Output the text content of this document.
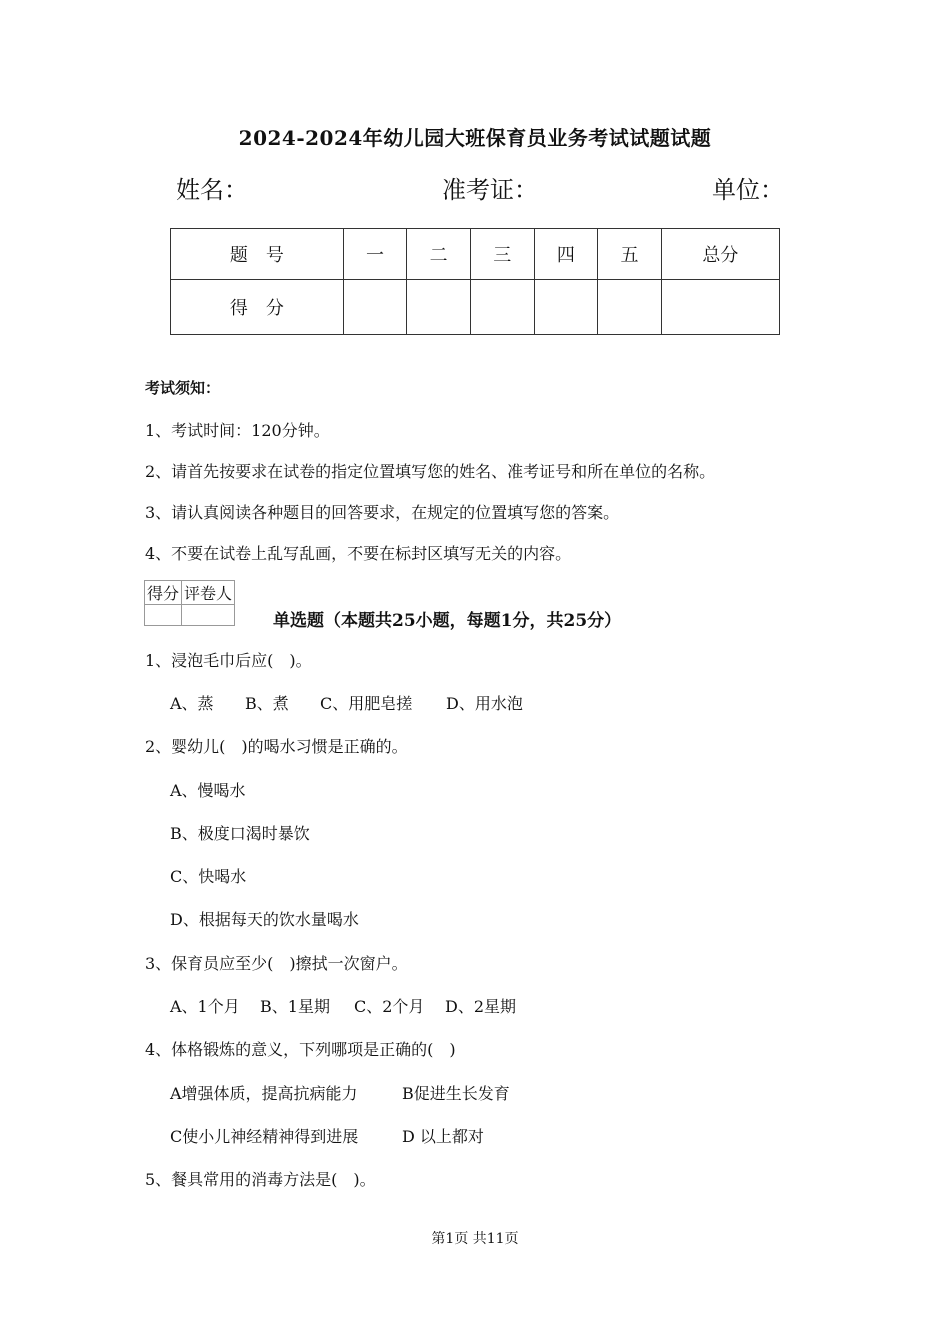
2024-2024年幼儿园大班保育员业务考试试题试题
姓名：	准考证：	单位：
题　号	一	二	三	四	五	总分
得　分						
考试须知：
1、考试时间：120分钟。
2、请首先按要求在试卷的指定位置填写您的姓名、准考证号和所在单位的名称。
3、请认真阅读各种题目的回答要求，在规定的位置填写您的答案。
4、不要在试卷上乱写乱画，不要在标封区填写无关的内容。
得分	评卷人

单选题（本题共25小题，每题1分，共25分）
1、浸泡毛巾后应(　)。
A、蒸 B、煮 C、用肥皂搓 D、用水泡
2、婴幼儿(　)的喝水习惯是正确的。
A、慢喝水
B、极度口渴时暴饮
C、快喝水
D、根据每天的饮水量喝水
3、保育员应至少(　)擦拭一次窗户。
A、1个月 B、1星期 C、2个月 D、2星期
4、体格锻炼的意义，下列哪项是正确的(　)
A增强体质，提高抗病能力	B促进生长发育
C使小儿神经精神得到进展	D 以上都对
5、餐具常用的消毒方法是(　)。
第1页 共11页
